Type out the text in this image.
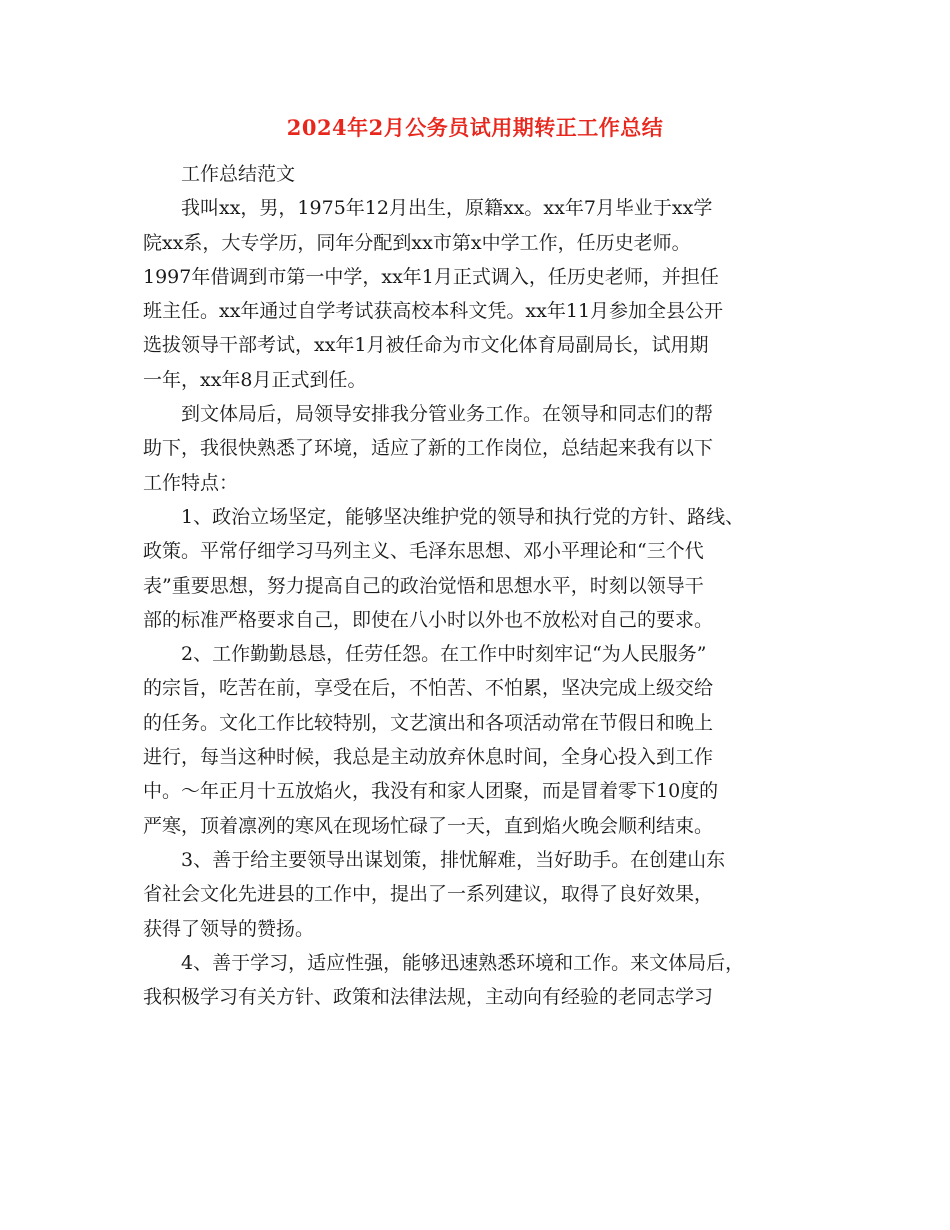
2024年2月公务员试用期转正工作总结
工作总结范文
我叫xx，男，1975年12月出生，原籍xx。xx年7月毕业于xx学
院xx系，大专学历，同年分配到xx市第x中学工作，任历史老师。
1997年借调到市第一中学，xx年1月正式调入，任历史老师，并担任
班主任。xx年通过自学考试获高校本科文凭。xx年11月参加全县公开
选拔领导干部考试，xx年1月被任命为市文化体育局副局长，试用期
一年，xx年8月正式到任。
到文体局后，局领导安排我分管业务工作。在领导和同志们的帮
助下，我很快熟悉了环境，适应了新的工作岗位，总结起来我有以下
工作特点：
1、政治立场坚定，能够坚决维护党的领导和执行党的方针、路线、
政策。平常仔细学习马列主义、毛泽东思想、邓小平理论和“三个代
表”重要思想，努力提高自己的政治觉悟和思想水平，时刻以领导干
部的标准严格要求自己，即使在八小时以外也不放松对自己的要求。
2、工作勤勤恳恳，任劳任怨。在工作中时刻牢记“为人民服务”
的宗旨，吃苦在前，享受在后，不怕苦、不怕累，坚决完成上级交给
的任务。文化工作比较特别，文艺演出和各项活动常在节假日和晚上
进行，每当这种时候，我总是主动放弃休息时间，全身心投入到工作
中。～年正月十五放焰火，我没有和家人团聚，而是冒着零下10度的
严寒，顶着凛冽的寒风在现场忙碌了一天，直到焰火晚会顺利结束。
3、善于给主要领导出谋划策，排忧解难，当好助手。在创建山东
省社会文化先进县的工作中，提出了一系列建议，取得了良好效果，
获得了领导的赞扬。
4、善于学习，适应性强，能够迅速熟悉环境和工作。来文体局后，
我积极学习有关方针、政策和法律法规，主动向有经验的老同志学习
